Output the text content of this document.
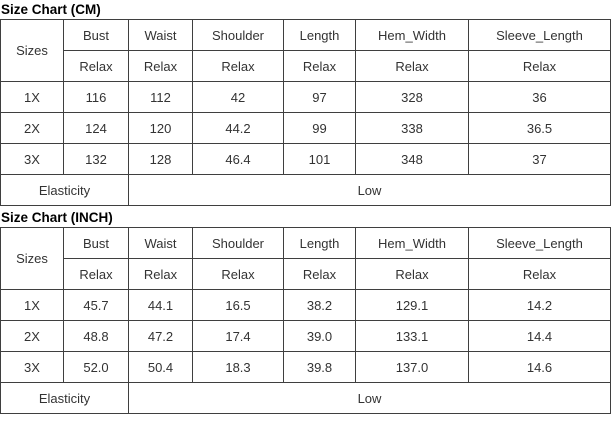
Size Chart (CM)
Sizes	Bust	Waist	Shoulder	Length	Hem_Width	Sleeve_Length
	Relax	Relax	Relax	Relax	Relax	Relax
1X	116	112	42	97	328	36
2X	124	120	44.2	99	338	36.5
3X	132	128	46.4	101	348	37
Elasticity		Low				
Size Chart (INCH)
Sizes	Bust	Waist	Shoulder	Length	Hem_Width	Sleeve_Length
	Relax	Relax	Relax	Relax	Relax	Relax
1X	45.7	44.1	16.5	38.2	129.1	14.2
2X	48.8	47.2	17.4	39.0	133.1	14.4
3X	52.0	50.4	18.3	39.8	137.0	14.6
Elasticity		Low				
